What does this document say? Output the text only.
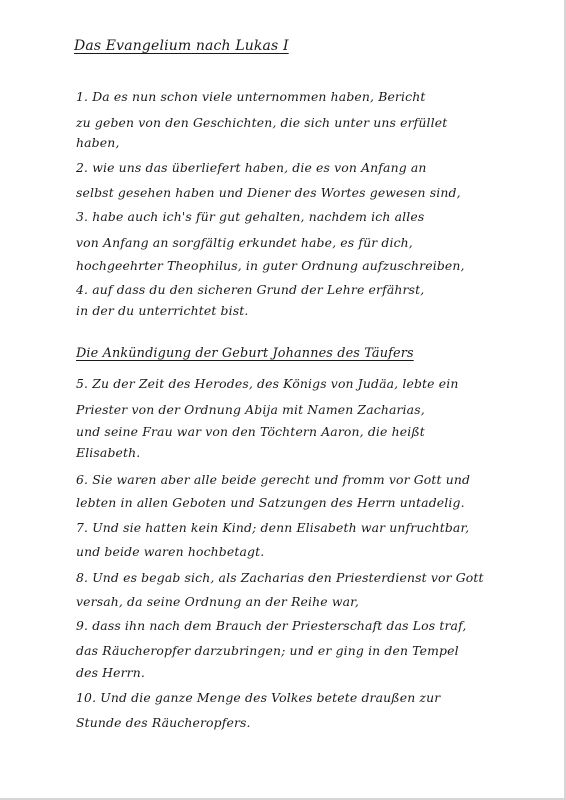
Das Evangelium nach Lukas I
1. Da es nun schon viele unternommen haben, Bericht
zu geben von den Geschichten, die sich unter uns erfüllet
haben,
2. wie uns das überliefert haben, die es von Anfang an
selbst gesehen haben und Diener des Wortes gewesen sind,
3. habe auch ich's für gut gehalten, nachdem ich alles
von Anfang an sorgfältig erkundet habe, es für dich,
hochgeehrter Theophilus, in guter Ordnung aufzuschreiben,
4. auf dass du den sicheren Grund der Lehre erfährst,
in der du unterrichtet bist.
Die Ankündigung der Geburt Johannes des Täufers
5. Zu der Zeit des Herodes, des Königs von Judäa, lebte ein
Priester von der Ordnung Abija mit Namen Zacharias,
und seine Frau war von den Töchtern Aaron, die heißt
Elisabeth.
6. Sie waren aber alle beide gerecht und fromm vor Gott und
lebten in allen Geboten und Satzungen des Herrn untadelig.
7. Und sie hatten kein Kind; denn Elisabeth war unfruchtbar,
und beide waren hochbetagt.
8. Und es begab sich, als Zacharias den Priesterdienst vor Gott
versah, da seine Ordnung an der Reihe war,
9. dass ihn nach dem Brauch der Priesterschaft das Los traf,
das Räucheropfer darzubringen; und er ging in den Tempel
des Herrn.
10. Und die ganze Menge des Volkes betete draußen zur
Stunde des Räucheropfers.
